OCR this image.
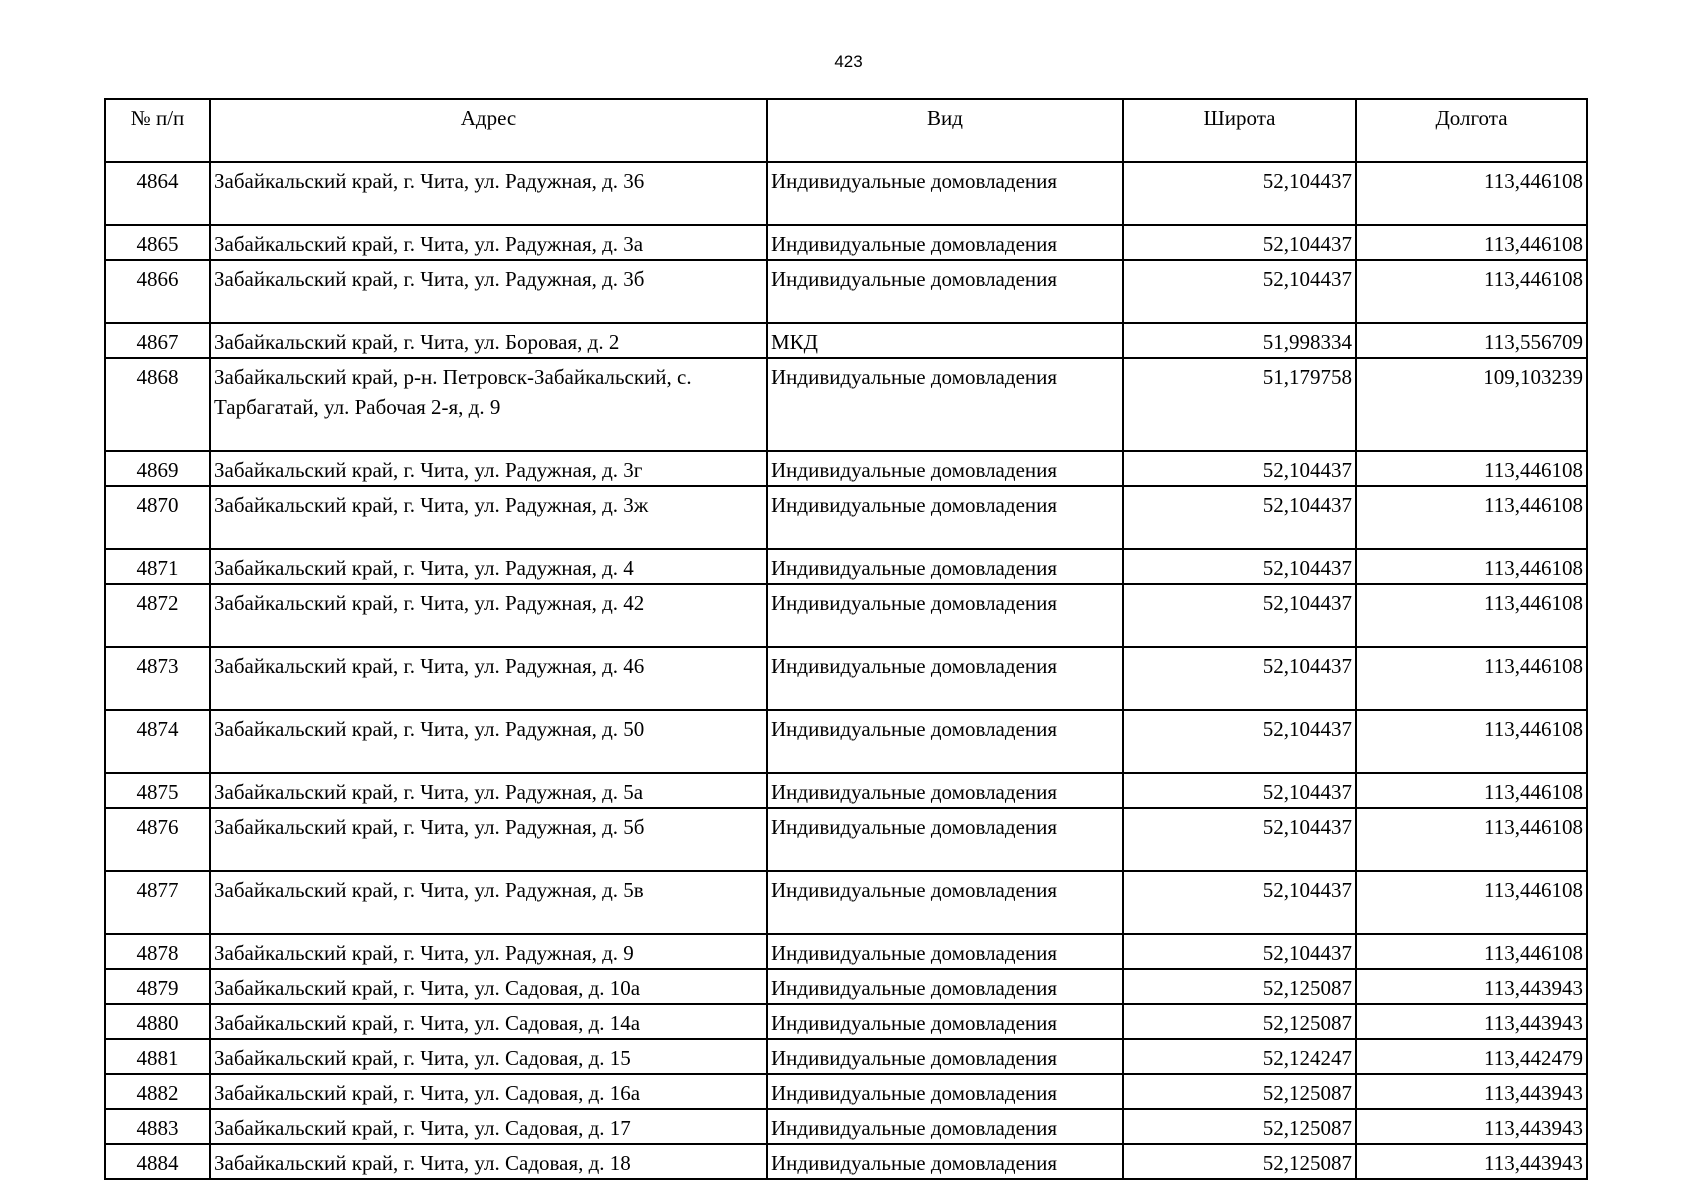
423
№ п/п	Адрес	Вид	Широта	Долгота
4864	Забайкальский край, г. Чита, ул. Радужная, д. 36	Индивидуальные домовладения	52,104437	113,446108
4865	Забайкальский край, г. Чита, ул. Радужная, д. 3а	Индивидуальные домовладения	52,104437	113,446108
4866	Забайкальский край, г. Чита, ул. Радужная, д. 3б	Индивидуальные домовладения	52,104437	113,446108
4867	Забайкальский край, г. Чита, ул. Боровая, д. 2	МКД	51,998334	113,556709
4868	Забайкальский край, р-н. Петровск-Забайкальский, с. Тарбагатай, ул. Рабочая 2-я, д. 9	Индивидуальные домовладения	51,179758	109,103239
4869	Забайкальский край, г. Чита, ул. Радужная, д. 3г	Индивидуальные домовладения	52,104437	113,446108
4870	Забайкальский край, г. Чита, ул. Радужная, д. 3ж	Индивидуальные домовладения	52,104437	113,446108
4871	Забайкальский край, г. Чита, ул. Радужная, д. 4	Индивидуальные домовладения	52,104437	113,446108
4872	Забайкальский край, г. Чита, ул. Радужная, д. 42	Индивидуальные домовладения	52,104437	113,446108
4873	Забайкальский край, г. Чита, ул. Радужная, д. 46	Индивидуальные домовладения	52,104437	113,446108
4874	Забайкальский край, г. Чита, ул. Радужная, д. 50	Индивидуальные домовладения	52,104437	113,446108
4875	Забайкальский край, г. Чита, ул. Радужная, д. 5а	Индивидуальные домовладения	52,104437	113,446108
4876	Забайкальский край, г. Чита, ул. Радужная, д. 5б	Индивидуальные домовладения	52,104437	113,446108
4877	Забайкальский край, г. Чита, ул. Радужная, д. 5в	Индивидуальные домовладения	52,104437	113,446108
4878	Забайкальский край, г. Чита, ул. Радужная, д. 9	Индивидуальные домовладения	52,104437	113,446108
4879	Забайкальский край, г. Чита, ул. Садовая, д. 10а	Индивидуальные домовладения	52,125087	113,443943
4880	Забайкальский край, г. Чита, ул. Садовая, д. 14а	Индивидуальные домовладения	52,125087	113,443943
4881	Забайкальский край, г. Чита, ул. Садовая, д. 15	Индивидуальные домовладения	52,124247	113,442479
4882	Забайкальский край, г. Чита, ул. Садовая, д. 16а	Индивидуальные домовладения	52,125087	113,443943
4883	Забайкальский край, г. Чита, ул. Садовая, д. 17	Индивидуальные домовладения	52,125087	113,443943
4884	Забайкальский край, г. Чита, ул. Садовая, д. 18	Индивидуальные домовладения	52,125087	113,443943
